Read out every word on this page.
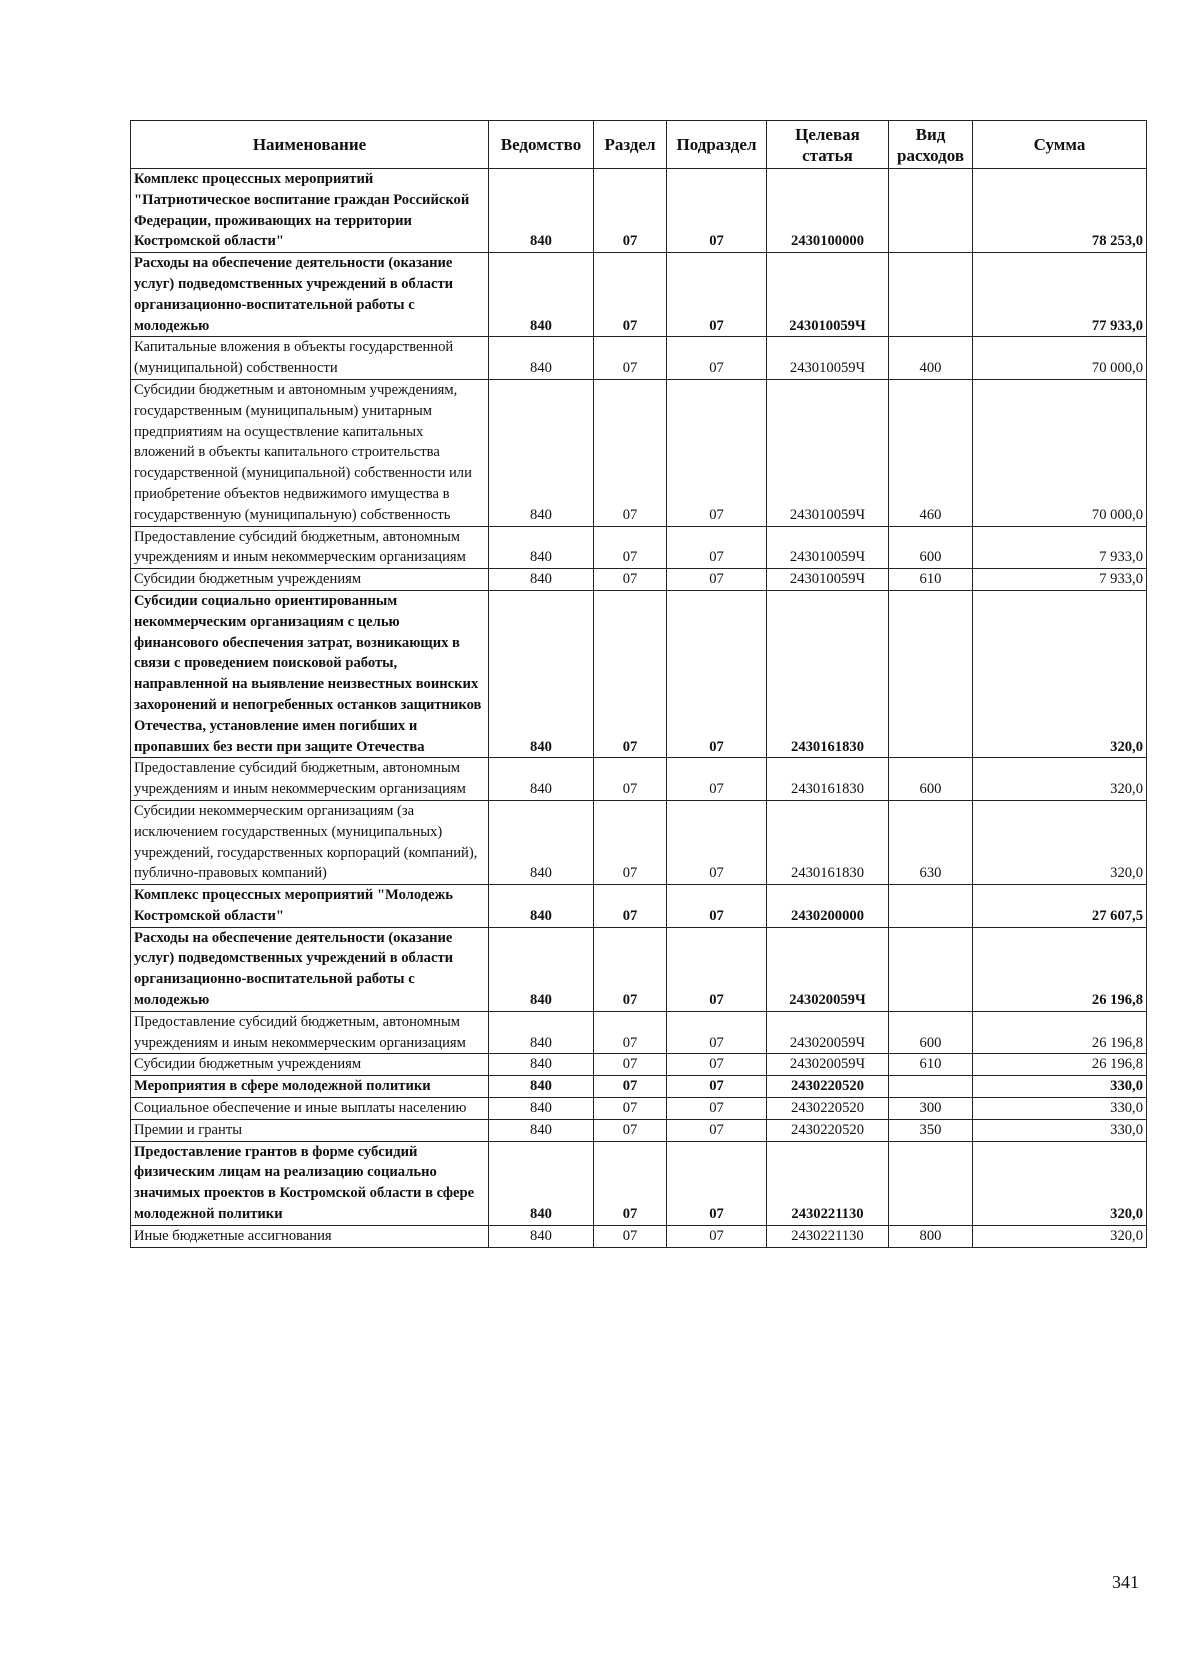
Наименование	Ведомство	Раздел	Подраздел	Целевая статья	Вид расходов	Сумма
Комплекс процессных мероприятий "Патриотическое воспитание граждан Российской Федерации, проживающих на территории Костромской области"	840	07	07	2430100000		78 253,0
Расходы на обеспечение деятельности (оказание услуг) подведомственных учреждений в области организационно-воспитательной работы с молодежью	840	07	07	243010059Ч		77 933,0
Капитальные вложения в объекты государственной (муниципальной) собственности	840	07	07	243010059Ч	400	70 000,0
Субсидии бюджетным и автономным учреждениям, государственным (муниципальным) унитарным предприятиям на осуществление капитальных вложений в объекты капитального строительства государственной (муниципальной) собственности или приобретение объектов недвижимого имущества в государственную (муниципальную) собственность	840	07	07	243010059Ч	460	70 000,0
Предоставление субсидий бюджетным, автономным учреждениям и иным некоммерческим организациям	840	07	07	243010059Ч	600	7 933,0
Субсидии бюджетным учреждениям	840	07	07	243010059Ч	610	7 933,0
Субсидии социально ориентированным некоммерческим организациям с целью финансового обеспечения затрат, возникающих в связи с проведением поисковой работы, направленной на выявление неизвестных воинских захоронений и непогребенных останков защитников Отечества, установление имен погибших и пропавших без вести при защите Отечества	840	07	07	2430161830		320,0
Предоставление субсидий бюджетным, автономным учреждениям и иным некоммерческим организациям	840	07	07	2430161830	600	320,0
Субсидии некоммерческим организациям (за исключением государственных (муниципальных) учреждений, государственных корпораций (компаний), публично-правовых компаний)	840	07	07	2430161830	630	320,0
Комплекс процессных мероприятий "Молодежь Костромской области"	840	07	07	2430200000		27 607,5
Расходы на обеспечение деятельности (оказание услуг) подведомственных учреждений в области организационно-воспитательной работы с молодежью	840	07	07	243020059Ч		26 196,8
Предоставление субсидий бюджетным, автономным учреждениям и иным некоммерческим организациям	840	07	07	243020059Ч	600	26 196,8
Субсидии бюджетным учреждениям	840	07	07	243020059Ч	610	26 196,8
Мероприятия в сфере молодежной политики	840	07	07	2430220520		330,0
Социальное обеспечение и иные выплаты населению	840	07	07	2430220520	300	330,0
Премии и гранты	840	07	07	2430220520	350	330,0
Предоставление грантов в форме субсидий физическим лицам на реализацию социально значимых проектов в Костромской области в сфере молодежной политики	840	07	07	2430221130		320,0
Иные бюджетные ассигнования	840	07	07	2430221130	800	320,0
341
